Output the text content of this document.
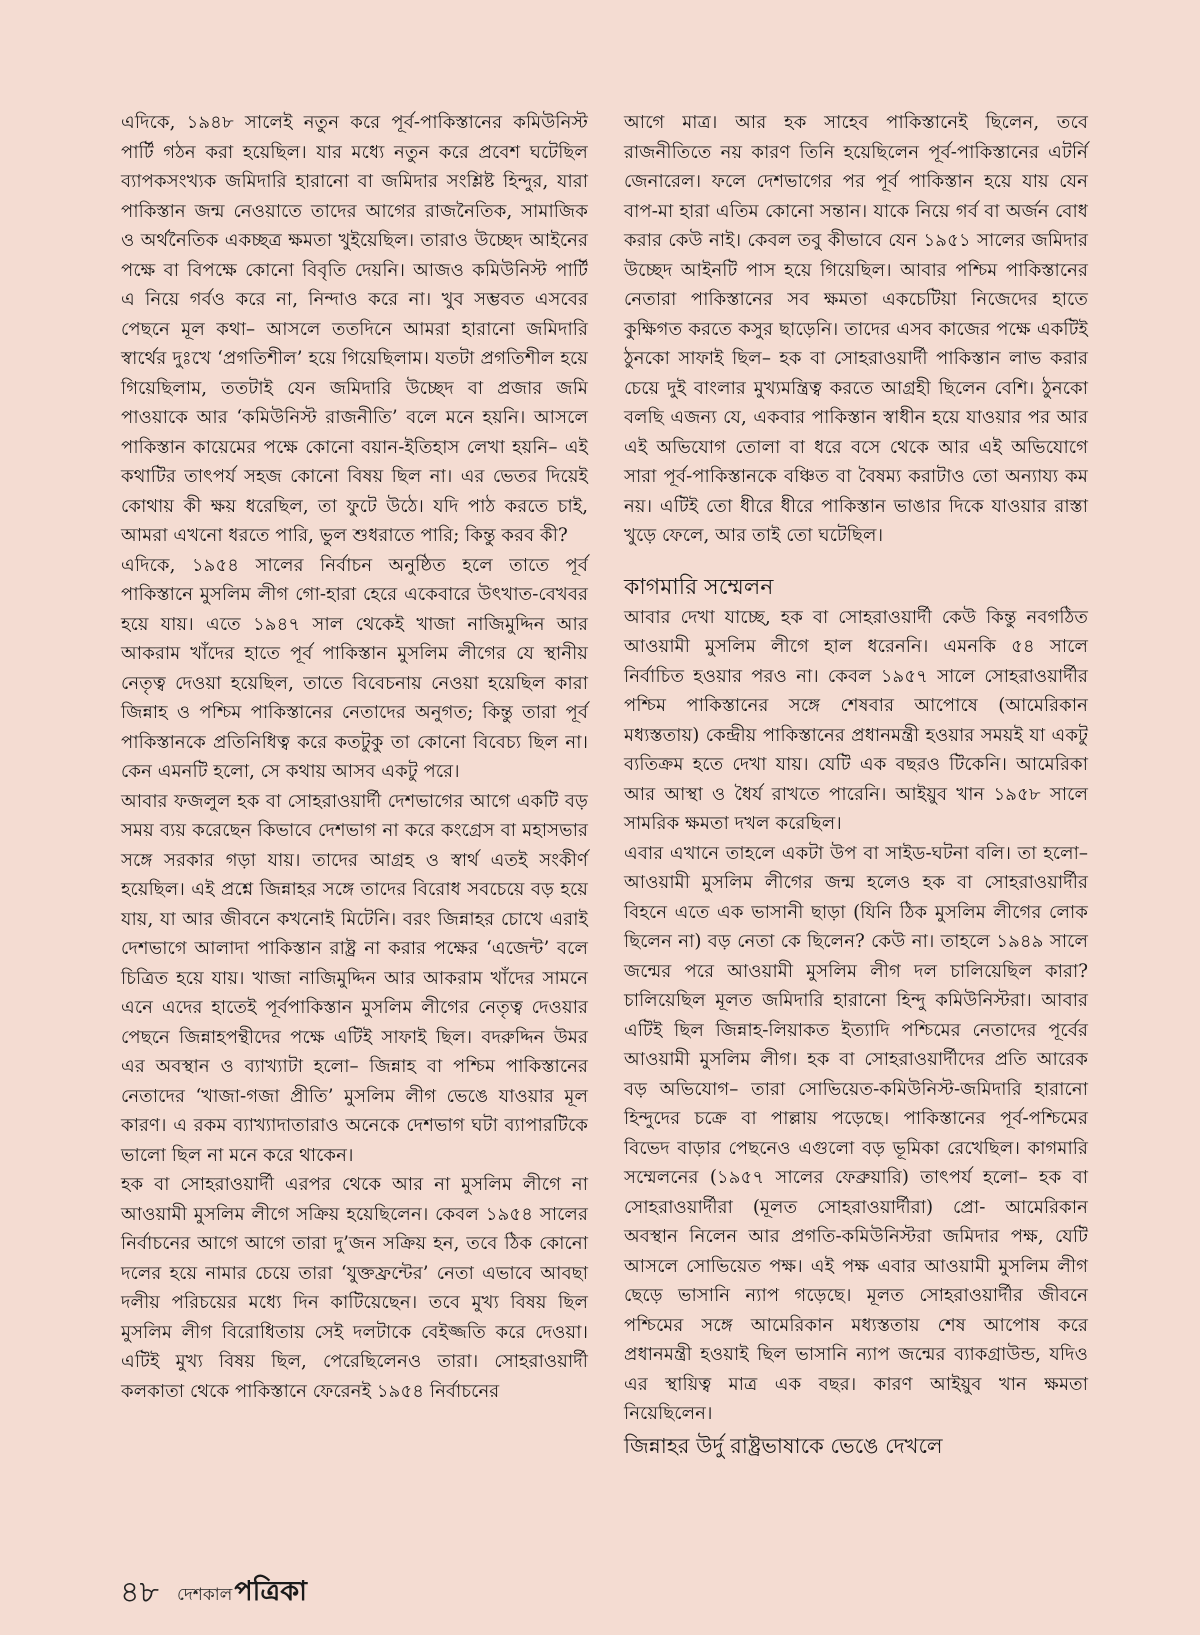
এদিকে, ১৯৪৮ সালেই নতুন করে পূর্ব-পাকিস্তানের কমিউনিস্ট পার্টি গঠন করা হয়েছিল। যার মধ্যে নতুন করে প্রবেশ ঘটেছিল ব্যাপকসংখ্যক জমিদারি হারানো বা জমিদার সংশ্লিষ্ট হিন্দুর, যারা পাকিস্তান জন্ম নেওয়াতে তাদের আগের রাজনৈতিক, সামাজিক ও অর্থনৈতিক একচ্ছত্র ক্ষমতা খুইয়েছিল। তারাও উচ্ছেদ আইনের পক্ষে বা বিপক্ষে কোনো বিবৃতি দেয়নি। আজও কমিউনিস্ট পার্টি এ নিয়ে গর্বও করে না, নিন্দাও করে না। খুব সম্ভবত এসবের পেছনে মূল কথা– আসলে ততদিনে আমরা হারানো জমিদারি স্বার্থের দুঃখে ‘প্রগতিশীল’ হয়ে গিয়েছিলাম। যতটা প্রগতিশীল হয়ে গিয়েছিলাম, ততটাই যেন জমিদারি উচ্ছেদ বা প্রজার জমি পাওয়াকে আর ‘কমিউনিস্ট রাজনীতি’ বলে মনে হয়নি। আসলে পাকিস্তান কায়েমের পক্ষে কোনো বয়ান-ইতিহাস লেখা হয়নি– এই কথাটির তাৎপর্য সহজ কোনো বিষয় ছিল না। এর ভেতর দিয়েই কোথায় কী ক্ষয় ধরেছিল, তা ফুটে উঠে। যদি পাঠ করতে চাই, আমরা এখনো ধরতে পারি, ভুল শুধরাতে পারি; কিন্তু করব কী?

এদিকে, ১৯৫৪ সালের নির্বাচন অনুষ্ঠিত হলে তাতে পূর্ব পাকিস্তানে মুসলিম লীগ গো-হারা হেরে একেবারে উৎখাত-বেখবর হয়ে যায়। এতে ১৯৪৭ সাল থেকেই খাজা নাজিমুদ্দিন আর আকরাম খাঁদের হাতে পূর্ব পাকিস্তান মুসলিম লীগের যে স্থানীয় নেতৃত্ব দেওয়া হয়েছিল, তাতে বিবেচনায় নেওয়া হয়েছিল কারা জিন্নাহ ও পশ্চিম পাকিস্তানের নেতাদের অনুগত; কিন্তু তারা পূর্ব পাকিস্তানকে প্রতিনিধিত্ব করে কতটুকু তা কোনো বিবেচ্য ছিল না। কেন এমনটি হলো, সে কথায় আসব একটু পরে।

আবার ফজলুল হক বা সোহরাওয়ার্দী দেশভাগের আগে একটি বড় সময় ব্যয় করেছেন কিভাবে দেশভাগ না করে কংগ্রেস বা মহাসভার সঙ্গে সরকার গড়া যায়। তাদের আগ্রহ ও স্বার্থ এতই সংকীর্ণ হয়েছিল। এই প্রশ্নে জিন্নাহর সঙ্গে তাদের বিরোধ সবচেয়ে বড় হয়ে যায়, যা আর জীবনে কখনোই মিটেনি। বরং জিন্নাহর চোখে এরাই দেশভাগে আলাদা পাকিস্তান রাষ্ট্র না করার পক্ষের ‘এজেন্ট’ বলে চিত্রিত হয়ে যায়। খাজা নাজিমুদ্দিন আর আকরাম খাঁদের সামনে এনে এদের হাতেই পূর্বপাকিস্তান মুসলিম লীগের নেতৃত্ব দেওয়ার পেছনে জিন্নাহপন্থীদের পক্ষে এটিই সাফাই ছিল। বদরুদ্দিন উমর এর অবস্থান ও ব্যাখ্যাটা হলো– জিন্নাহ বা পশ্চিম পাকিস্তানের নেতাদের ‘খাজা-গজা প্রীতি’ মুসলিম লীগ ভেঙে যাওয়ার মূল কারণ। এ রকম ব্যাখ্যাদাতারাও অনেকে দেশভাগ ঘটা ব্যাপারটিকে ভালো ছিল না মনে করে থাকেন।

হক বা সোহরাওয়ার্দী এরপর থেকে আর না মুসলিম লীগে না আওয়ামী মুসলিম লীগে সক্রিয় হয়েছিলেন। কেবল ১৯৫৪ সালের নির্বাচনের আগে আগে তারা দু’জন সক্রিয় হন, তবে ঠিক কোনো দলের হয়ে নামার চেয়ে তারা ‘যুক্তফ্রন্টের’ নেতা এভাবে আবছা দলীয় পরিচয়ের মধ্যে দিন কাটিয়েছেন। তবে মুখ্য বিষয় ছিল মুসলিম লীগ বিরোধিতায় সেই দলটাকে বেইজ্জতি করে দেওয়া। এটিই মুখ্য বিষয় ছিল, পেরেছিলেনও তারা। সোহরাওয়ার্দী কলকাতা থেকে পাকিস্তানে ফেরেনই ১৯৫৪ নির্বাচনের

আগে মাত্র। আর হক সাহেব পাকিস্তানেই ছিলেন, তবে রাজনীতিতে নয় কারণ তিনি হয়েছিলেন পূর্ব-পাকিস্তানের এটর্নি জেনারেল। ফলে দেশভাগের পর পূর্ব পাকিস্তান হয়ে যায় যেন বাপ-মা হারা এতিম কোনো সন্তান। যাকে নিয়ে গর্ব বা অর্জন বোধ করার কেউ নাই। কেবল তবু কীভাবে যেন ১৯৫১ সালের জমিদার উচ্ছেদ আইনটি পাস হয়ে গিয়েছিল। আবার পশ্চিম পাকিস্তানের নেতারা পাকিস্তানের সব ক্ষমতা একচেটিয়া নিজেদের হাতে কুক্ষিগত করতে কসুর ছাড়েনি। তাদের এসব কাজের পক্ষে একটিই ঠুনকো সাফাই ছিল– হক বা সোহরাওয়ার্দী পাকিস্তান লাভ করার চেয়ে দুই বাংলার মুখ্যমন্ত্রিত্ব করতে আগ্রহী ছিলেন বেশি। ঠুনকো বলছি এজন্য যে, একবার পাকিস্তান স্বাধীন হয়ে যাওয়ার পর আর এই অভিযোগ তোলা বা ধরে বসে থেকে আর এই অভিযোগে সারা পূর্ব-পাকিস্তানকে বঞ্চিত বা বৈষম্য করাটাও তো অন্যায্য কম নয়। এটিই তো ধীরে ধীরে পাকিস্তান ভাঙার দিকে যাওয়ার রাস্তা খুড়ে ফেলে, আর তাই তো ঘটেছিল।

কাগমারি সম্মেলন

আবার দেখা যাচ্ছে, হক বা সোহরাওয়ার্দী কেউ কিন্তু নবগঠিত আওয়ামী মুসলিম লীগে হাল ধরেননি। এমনকি ৫৪ সালে নির্বাচিত হওয়ার পরও না। কেবল ১৯৫৭ সালে সোহরাওয়ার্দীর পশ্চিম পাকিস্তানের সঙ্গে শেষবার আপোষে (আমেরিকান মধ্যস্ততায়) কেন্দ্রীয় পাকিস্তানের প্রধানমন্ত্রী হওয়ার সময়ই যা একটু ব্যতিক্রম হতে দেখা যায়। যেটি এক বছরও টিকেনি। আমেরিকা আর আস্থা ও ধৈর্য রাখতে পারেনি। আইয়ুব খান ১৯৫৮ সালে সামরিক ক্ষমতা দখল করেছিল।

এবার এখানে তাহলে একটা উপ বা সাইড-ঘটনা বলি। তা হলো– আওয়ামী মুসলিম লীগের জন্ম হলেও হক বা সোহরাওয়ার্দীর বিহনে এতে এক ভাসানী ছাড়া (যিনি ঠিক মুসলিম লীগের লোক ছিলেন না) বড় নেতা কে ছিলেন? কেউ না। তাহলে ১৯৪৯ সালে জন্মের পরে আওয়ামী মুসলিম লীগ দল চালিয়েছিল কারা? চালিয়েছিল মূলত জমিদারি হারানো হিন্দু কমিউনিস্টরা। আবার এটিই ছিল জিন্নাহ-লিয়াকত ইত্যাদি পশ্চিমের নেতাদের পূর্বের আওয়ামী মুসলিম লীগ। হক বা সোহরাওয়ার্দীদের প্রতি আরেক বড় অভিযোগ– তারা সোভিয়েত-কমিউনিস্ট-জমিদারি হারানো হিন্দুদের চক্রে বা পাল্লায় পড়েছে। পাকিস্তানের পূর্ব-পশ্চিমের বিভেদ বাড়ার পেছনেও এগুলো বড় ভূমিকা রেখেছিল। কাগমারি সম্মেলনের (১৯৫৭ সালের ফেব্রুয়ারি) তাৎপর্য হলো– হক বা সোহরাওয়ার্দীরা (মূলত সোহরাওয়ার্দীরা) প্রো- আমেরিকান অবস্থান নিলেন আর প্রগতি-কমিউনিস্টরা জমিদার পক্ষ, যেটি আসলে সোভিয়েত পক্ষ। এই পক্ষ এবার আওয়ামী মুসলিম লীগ ছেড়ে ভাসানি ন্যাপ গড়েছে। মূলত সোহরাওয়ার্দীর জীবনে পশ্চিমের সঙ্গে আমেরিকান মধ্যস্ততায় শেষ আপোষ করে প্রধানমন্ত্রী হওয়াই ছিল ভাসানি ন্যাপ জন্মের ব্যাকগ্রাউন্ড, যদিও এর স্থায়িত্ব মাত্র এক বছর। কারণ আইয়ুব খান ক্ষমতা নিয়েছিলেন।

জিন্নাহর উর্দু রাষ্ট্রভাষাকে ভেঙে দেখলে

৪৮ দেশকাল পত্রিকা
